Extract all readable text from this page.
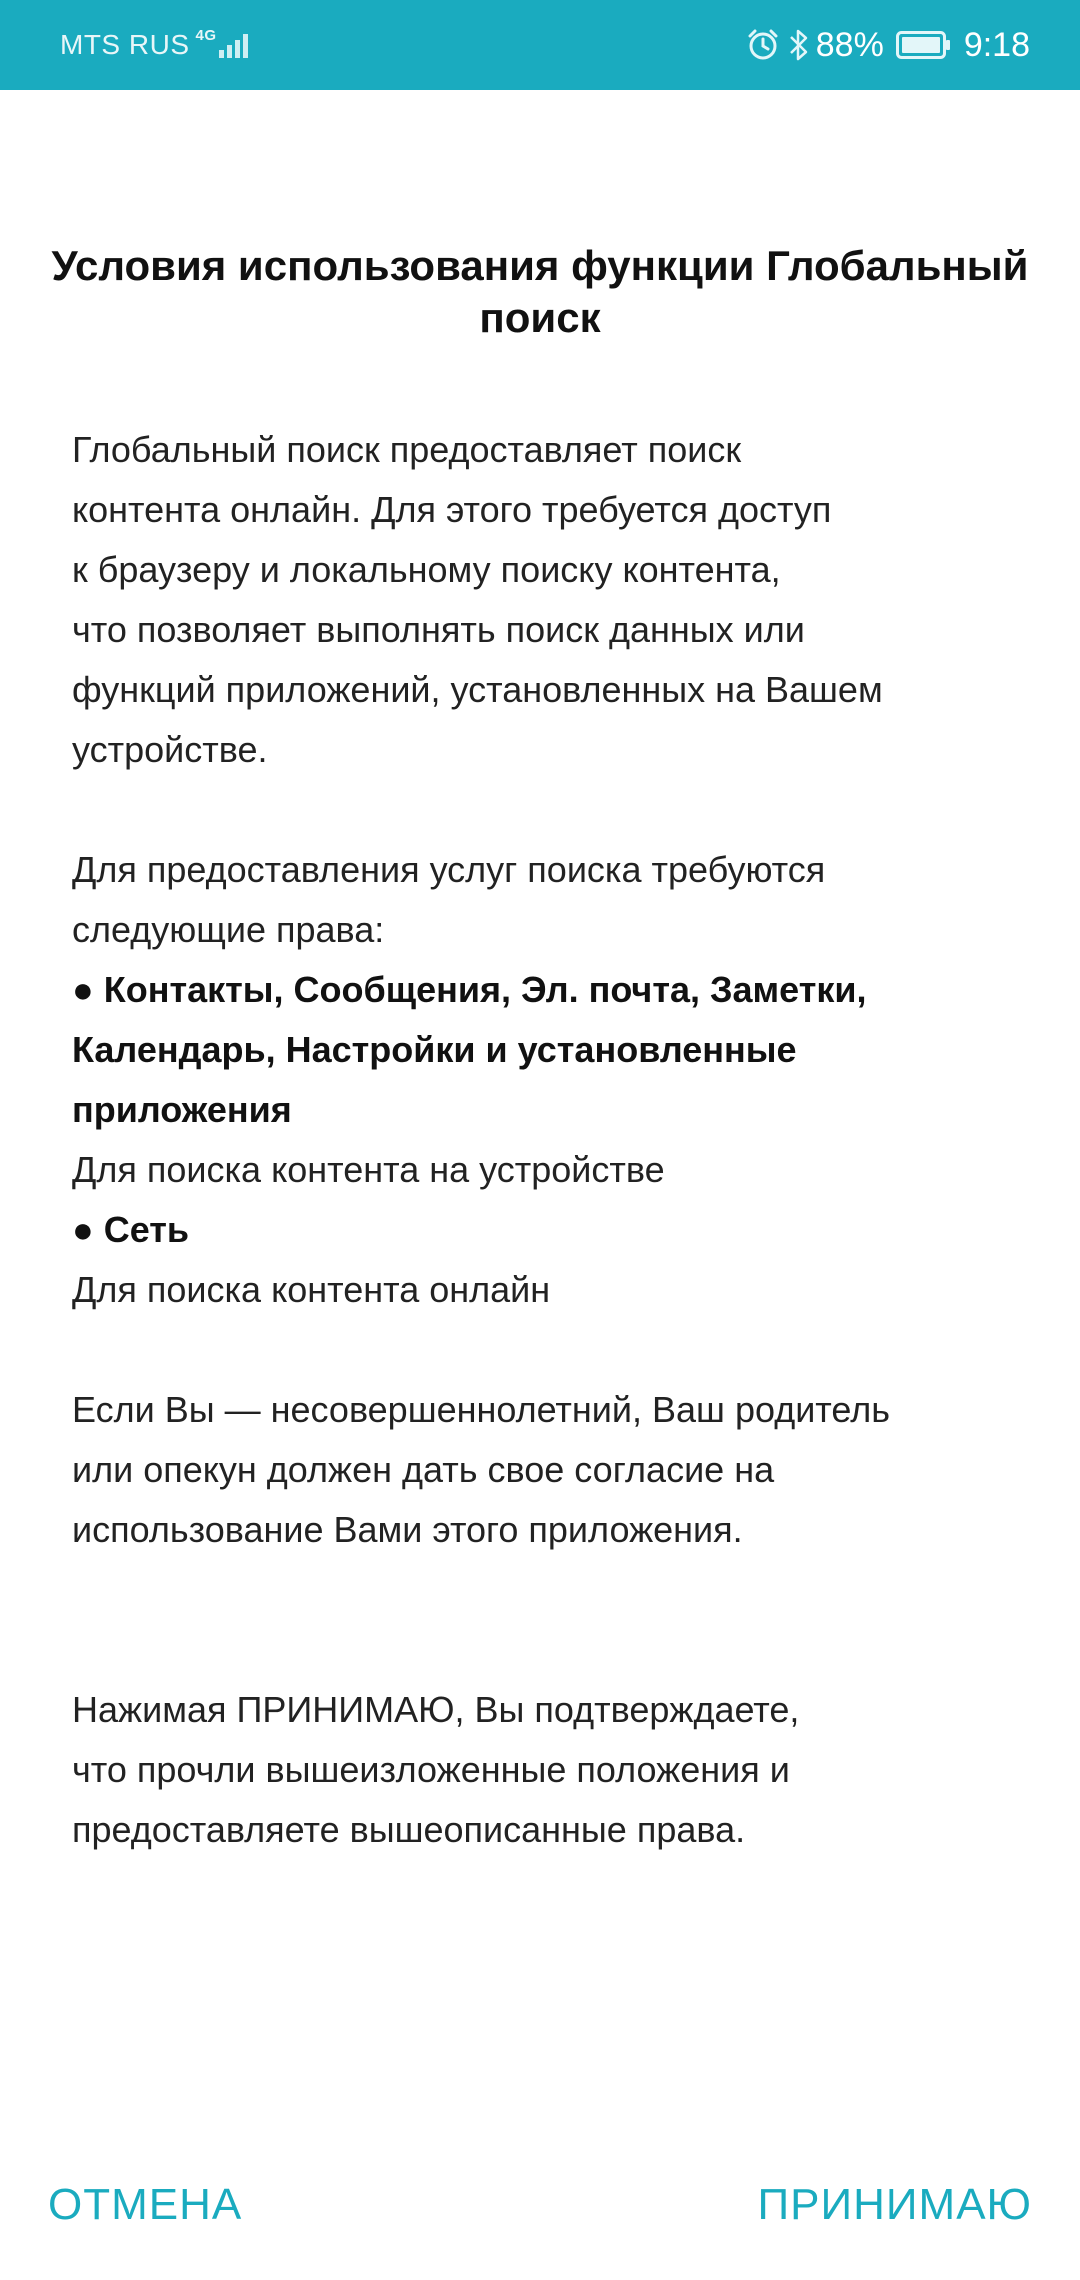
MTS RUS 4G	88% 9:18
Условия использования функции Глобальный поиск

Глобальный поиск предоставляет поиск

контента онлайн. Для этого требуется доступ

к браузеру и локальному поиску контента,

что позволяет выполнять поиск данных или

функций приложений, установленных на Вашем

устройстве.

Для предоставления услуг поиска требуются

следующие права:

● Контакты, Сообщения, Эл. почта, Заметки,

Календарь, Настройки и установленные

приложения

Для поиска контента на устройстве

● Сеть

Для поиска контента онлайн

Если Вы — несовершеннолетний, Ваш родитель

или опекун должен дать свое согласие на

использование Вами этого приложения.

Нажимая ПРИНИМАЮ, Вы подтверждаете,

что прочли вышеизложенные положения и

предоставляете вышеописанные права.

ОТМЕНА	ПРИНИМАЮ
